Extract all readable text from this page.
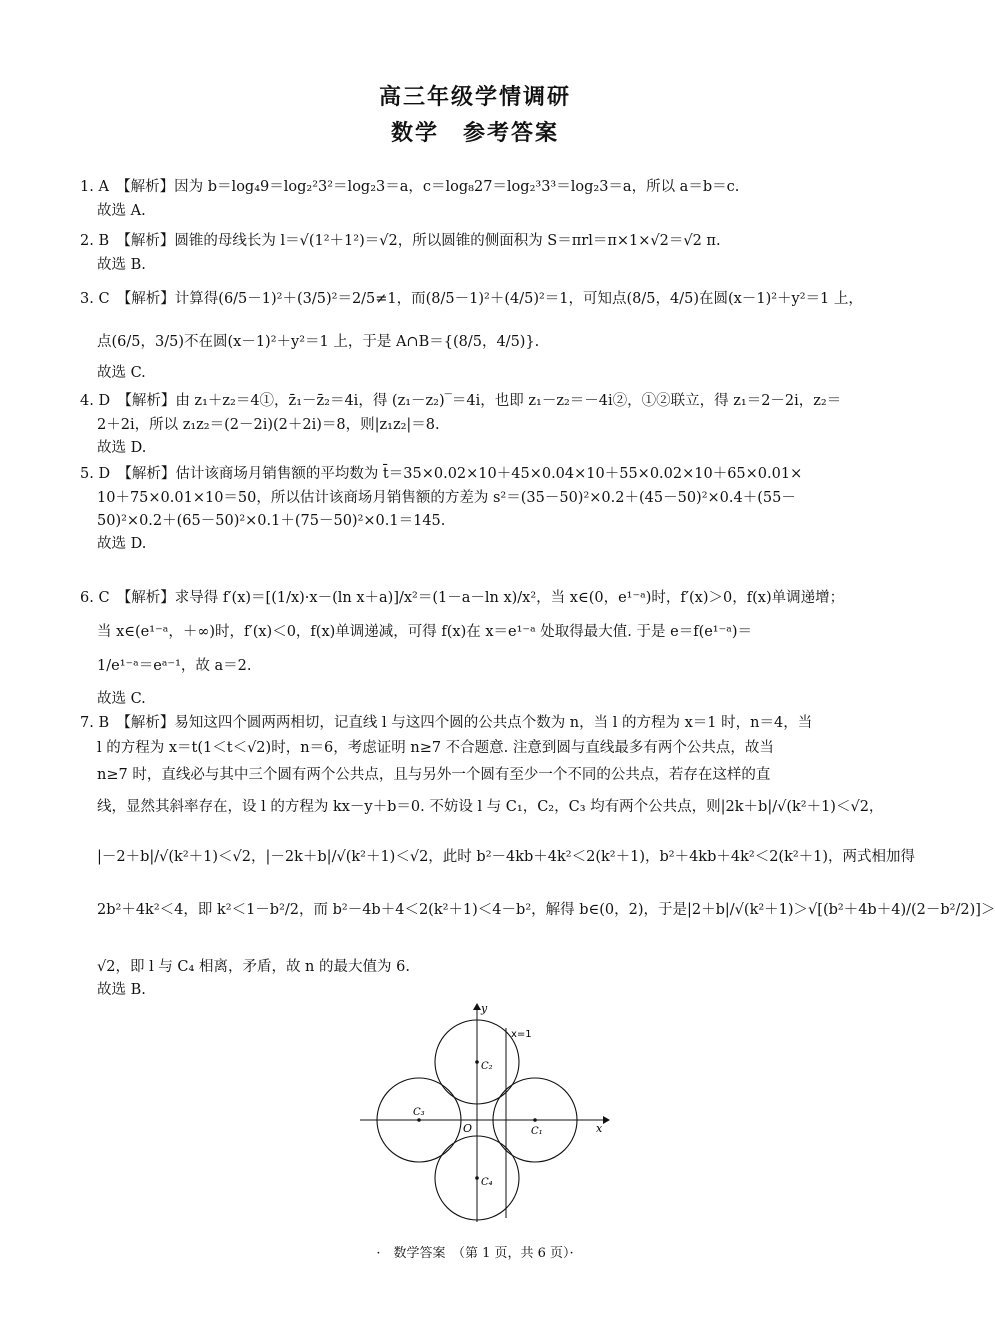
高三年级学情调研
数学　参考答案
1. A　【解析】因为 b＝log₄9＝log₂²3²＝log₂3＝a，c＝log₈27＝log₂³3³＝log₂3＝a，所以 a＝b＝c.
故选 A.
2. B　【解析】圆锥的母线长为 l＝√(1²＋1²)＝√2，所以圆锥的侧面积为 S＝πrl＝π×1×√2＝√2 π.
故选 B.
3. C　【解析】计算得(6/5－1)²＋(3/5)²＝2/5≠1，而(8/5－1)²＋(4/5)²＝1，可知点(8/5，4/5)在圆(x－1)²＋y²＝1 上，
点(6/5，3/5)不在圆(x－1)²＋y²＝1 上，于是 A∩B＝{(8/5，4/5)}.
故选 C.
4. D　【解析】由 z₁＋z₂＝4①，z̄₁－z̄₂＝4i，得 (z₁－z₂)‾＝4i，也即 z₁－z₂＝－4i②，①②联立，得 z₁＝2－2i，z₂＝
2＋2i，所以 z₁z₂＝(2－2i)(2＋2i)＝8，则|z₁z₂|＝8.
故选 D.
5. D　【解析】估计该商场月销售额的平均数为 t̄＝35×0.02×10＋45×0.04×10＋55×0.02×10＋65×0.01×
10＋75×0.01×10＝50，所以估计该商场月销售额的方差为 s²＝(35－50)²×0.2＋(45－50)²×0.4＋(55－
50)²×0.2＋(65－50)²×0.1＋(75－50)²×0.1＝145.
故选 D.
6. C　【解析】求导得 f′(x)＝[(1/x)·x－(ln x＋a)]/x²＝(1－a－ln x)/x²，当 x∈(0，e¹⁻ᵃ)时，f′(x)＞0，f(x)单调递增；
当 x∈(e¹⁻ᵃ，＋∞)时，f′(x)＜0，f(x)单调递减，可得 f(x)在 x＝e¹⁻ᵃ 处取得最大值. 于是 e＝f(e¹⁻ᵃ)＝
1/e¹⁻ᵃ＝eᵃ⁻¹，故 a＝2.
故选 C.
7. B　【解析】易知这四个圆两两相切，记直线 l 与这四个圆的公共点个数为 n，当 l 的方程为 x＝1 时，n＝4，当
l 的方程为 x＝t(1＜t＜√2)时，n＝6，考虑证明 n≥7 不合题意. 注意到圆与直线最多有两个公共点，故当
n≥7 时，直线必与其中三个圆有两个公共点，且与另外一个圆有至少一个不同的公共点，若存在这样的直
线，显然其斜率存在，设 l 的方程为 kx－y＋b＝0. 不妨设 l 与 C₁，C₂，C₃ 均有两个公共点，则|2k＋b|/√(k²＋1)＜√2，
|－2＋b|/√(k²＋1)＜√2，|－2k＋b|/√(k²＋1)＜√2，此时 b²－4kb＋4k²＜2(k²＋1)，b²＋4kb＋4k²＜2(k²＋1)，两式相加得
2b²＋4k²＜4，即 k²＜1－b²/2，而 b²－4b＋4＜2(k²＋1)＜4－b²，解得 b∈(0，2)，于是|2＋b|/√(k²＋1)＞√[(b²＋4b＋4)/(2－b²/2)]＞
√2，即 l 与 C₄ 相离，矛盾，故 n 的最大值为 6.
故选 B.
y
x
O
x=1
C₁
C₂
C₃
C₄
·　数学答案　（第 1 页，共 6 页）·
